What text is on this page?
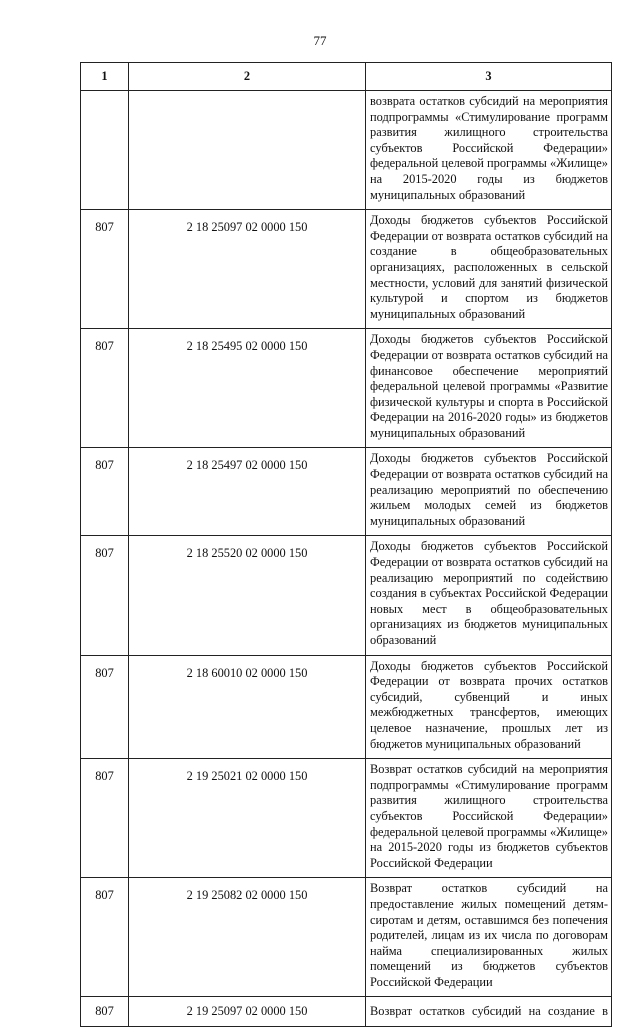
77
1	2	3
		возврата остатков субсидий на мероприятия подпрограммы «Стимулирование программ развития жилищного строительства субъектов Российской Федерации» федеральной целевой программы «Жилище» на 2015-2020 годы из бюджетов муниципальных образований
807	2 18 25097 02 0000 150	Доходы бюджетов субъектов Российской Федерации от возврата остатков субсидий на создание в общеобразовательных организациях, расположенных в сельской местности, условий для занятий физической культурой и спортом из бюджетов муниципальных образований
807	2 18 25495 02 0000 150	Доходы бюджетов субъектов Российской Федерации от возврата остатков субсидий на финансовое обеспечение мероприятий федеральной целевой программы «Развитие физической культуры и спорта в Российской Федерации на 2016-2020 годы» из бюджетов муниципальных образований
807	2 18 25497 02 0000 150	Доходы бюджетов субъектов Российской Федерации от возврата остатков субсидий на реализацию мероприятий по обеспечению жильем молодых семей из бюджетов муниципальных образований
807	2 18 25520 02 0000 150	Доходы бюджетов субъектов Российской Федерации от возврата остатков субсидий на реализацию мероприятий по содействию создания в субъектах Российской Федерации новых мест в общеобразовательных организациях из бюджетов муниципальных образований
807	2 18 60010 02 0000 150	Доходы бюджетов субъектов Российской Федерации от возврата прочих остатков субсидий, субвенций и иных межбюджетных трансфертов, имеющих целевое назначение, прошлых лет из бюджетов муниципальных образований
807	2 19 25021 02 0000 150	Возврат остатков субсидий на мероприятия подпрограммы «Стимулирование программ развития жилищного строительства субъектов Российской Федерации» федеральной целевой программы «Жилище» на 2015-2020 годы из бюджетов субъектов Российской Федерации
807	2 19 25082 02 0000 150	Возврат остатков субсидий на предоставление жилых помещений детям-сиротам и детям, оставшимся без попечения родителей, лицам из их числа по договорам найма специализированных жилых помещений из бюджетов субъектов Российской Федерации
807	2 19 25097 02 0000 150	Возврат остатков субсидий на создание в
